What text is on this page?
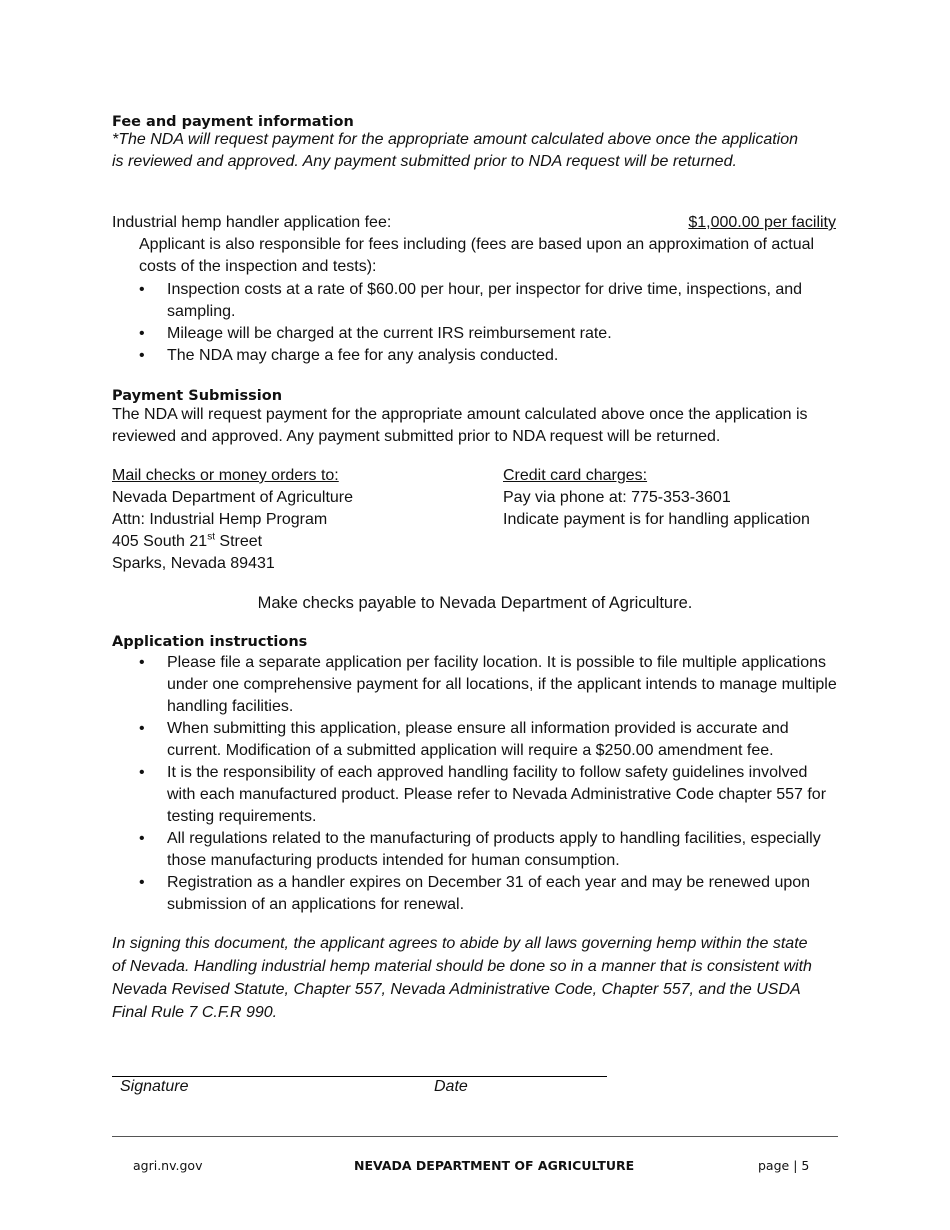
Fee and payment information
*The NDA will request payment for the appropriate amount calculated above once the application is reviewed and approved. Any payment submitted prior to NDA request will be returned.
Industrial hemp handler application fee:	$1,000.00 per facility
Applicant is also responsible for fees including (fees are based upon an approximation of actual costs of the inspection and tests):
• Inspection costs at a rate of $60.00 per hour, per inspector for drive time, inspections, and sampling.
• Mileage will be charged at the current IRS reimbursement rate.
• The NDA may charge a fee for any analysis conducted.
Payment Submission
The NDA will request payment for the appropriate amount calculated above once the application is reviewed and approved. Any payment submitted prior to NDA request will be returned.
Mail checks or money orders to:
Nevada Department of Agriculture
Attn: Industrial Hemp Program
405 South 21st Street
Sparks, Nevada 89431
Credit card charges:
Pay via phone at: 775-353-3601
Indicate payment is for handling application
Make checks payable to Nevada Department of Agriculture.
Application instructions
• Please file a separate application per facility location. It is possible to file multiple applications under one comprehensive payment for all locations, if the applicant intends to manage multiple handling facilities.
• When submitting this application, please ensure all information provided is accurate and current. Modification of a submitted application will require a $250.00 amendment fee.
• It is the responsibility of each approved handling facility to follow safety guidelines involved with each manufactured product. Please refer to Nevada Administrative Code chapter 557 for testing requirements.
• All regulations related to the manufacturing of products apply to handling facilities, especially those manufacturing products intended for human consumption.
• Registration as a handler expires on December 31 of each year and may be renewed upon submission of an applications for renewal.
In signing this document, the applicant agrees to abide by all laws governing hemp within the state of Nevada. Handling industrial hemp material should be done so in a manner that is consistent with Nevada Revised Statute, Chapter 557, Nevada Administrative Code, Chapter 557, and the USDA Final Rule 7 C.F.R 990.
Signature	Date
agri.nv.gov	NEVADA DEPARTMENT OF AGRICULTURE	page | 5
